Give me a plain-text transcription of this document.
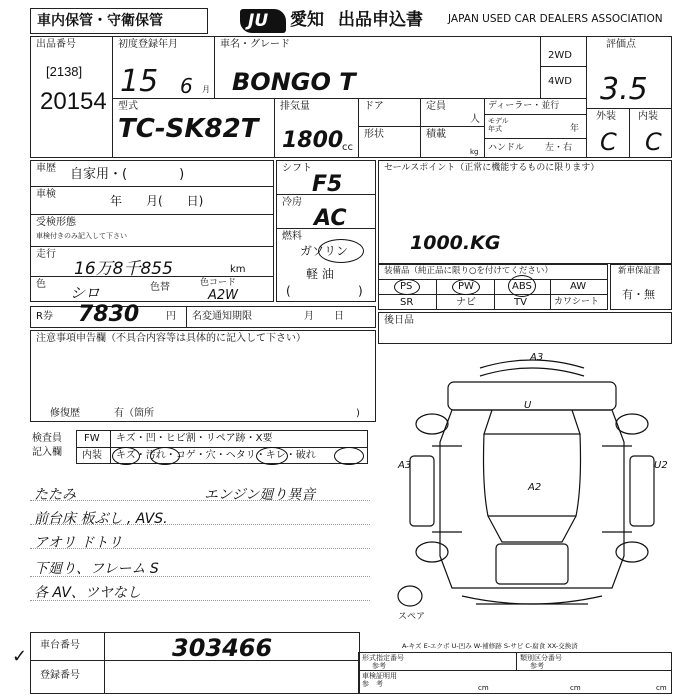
車内保管・守衛保管	JU 愛知 出品申込書 JAPAN USED CAR DEALERS ASSOCIATION
出品番号
[2138]
20154
初度登録年月
15 6 月
車名・グレード
BONGO T
2WD
4WD
評価点
3.5
外装 内装
C C
型式
TC-SK82T
排気量
1800
cc
ドア	定員
人
形状	積載
kg
ディーラー・並行
モデル
年式	年
ハンドル 左・右
車歴 自家用・(　　　　)
車検	年　　月(　　日)
受検形態
車検付きのみ記入して下さい
走行
16万8千855	km
色 シロ	色替	色コード
A2W
シフト
F5
冷房
AC
燃料
ガソリン
軽 油
(	)
セールスポイント（正常に機能するものに限ります）
1000.KG
装備品（純正品に限り○を付けてください）
PS	PW	ABS	AW
SR	ナビ	TV	カワシート
新車保証書
有・無
R券 7830	円 名変通知期限	月　　日	後日品
注意事項申告欄（不具合内容等は具体的に記入して下さい）
修復歴	有（箇所	)
検査員
記入欄
FW キズ・凹・ヒビ割・リペア跡・X要
内装 キズ・汚れ・コゲ・穴・ヘタリ・キレ・破れ
たたみ	エンジン廻り異音
前台床 板ぶし , AVS.
アオリ ドトリ
下廻り、フレーム S
各 AV、ツヤなし
A3
A3	U2
A2
U
スペア
A-キズ E-エクボ U-凹み W-補修跡 S-サビ C-腐食 XX-交換済
車台番号	303466
登録番号
✓	形式指定番号
参考
類別区分番号
参考
車検証明用
参　考	cm	cm	cm
